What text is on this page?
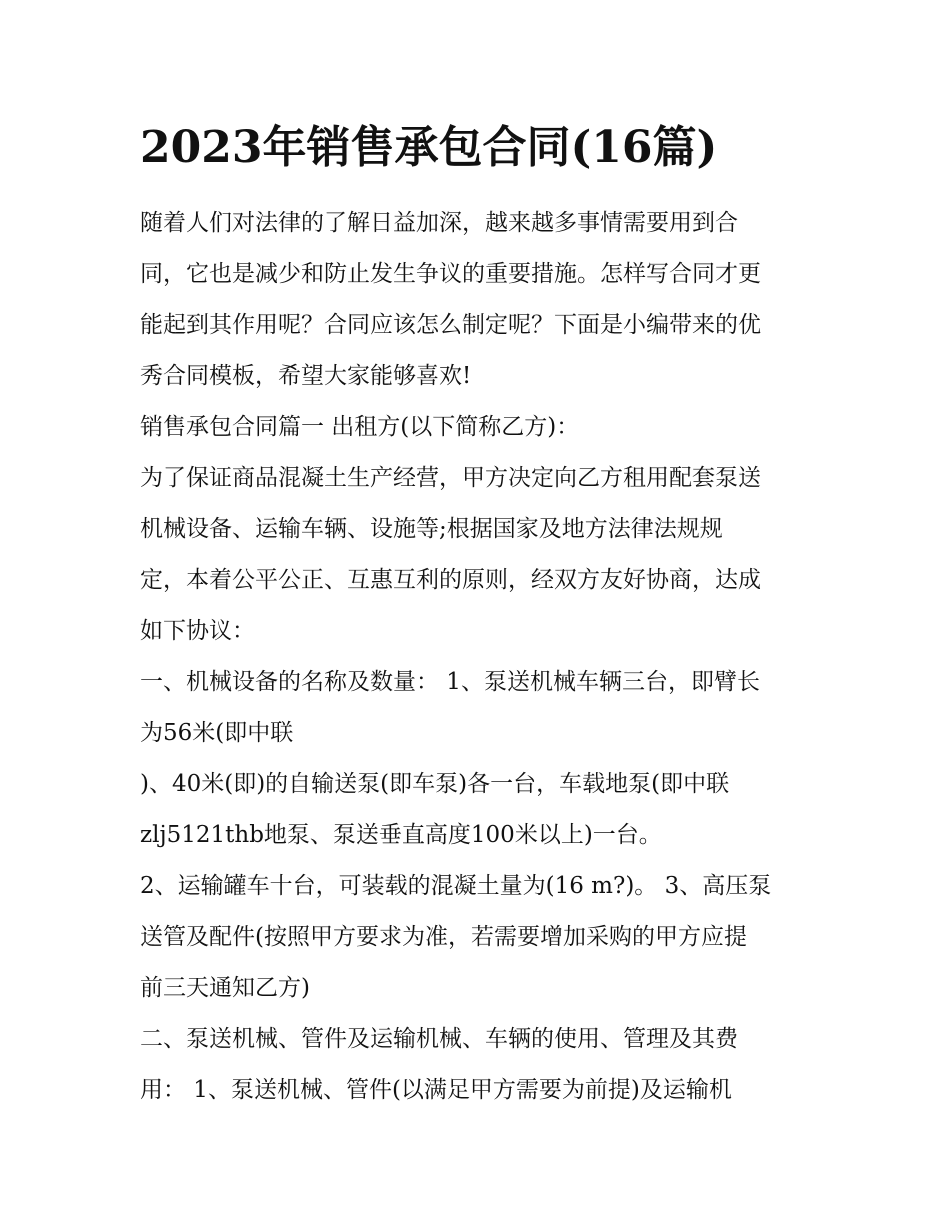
2023年销售承包合同(16篇)
随着人们对法律的了解日益加深，越来越多事情需要用到合
同，它也是减少和防止发生争议的重要措施。怎样写合同才更
能起到其作用呢？合同应该怎么制定呢？下面是小编带来的优
秀合同模板，希望大家能够喜欢!
销售承包合同篇一 出租方(以下简称乙方)：
为了保证商品混凝土生产经营，甲方决定向乙方租用配套泵送
机械设备、运输车辆、设施等;根据国家及地方法律法规规
定，本着公平公正、互惠互利的原则，经双方友好协商，达成
如下协议：
一、机械设备的名称及数量： 1、泵送机械车辆三台，即臂长
为56米(即中联
)、40米(即)的自输送泵(即车泵)各一台，车载地泵(即中联
zlj5121thb地泵、泵送垂直高度100米以上)一台。
2、运输罐车十台，可装载的混凝土量为(16 m?)。 3、高压泵
送管及配件(按照甲方要求为准，若需要增加采购的甲方应提
前三天通知乙方)
二、泵送机械、管件及运输机械、车辆的使用、管理及其费
用： 1、泵送机械、管件(以满足甲方需要为前提)及运输机
